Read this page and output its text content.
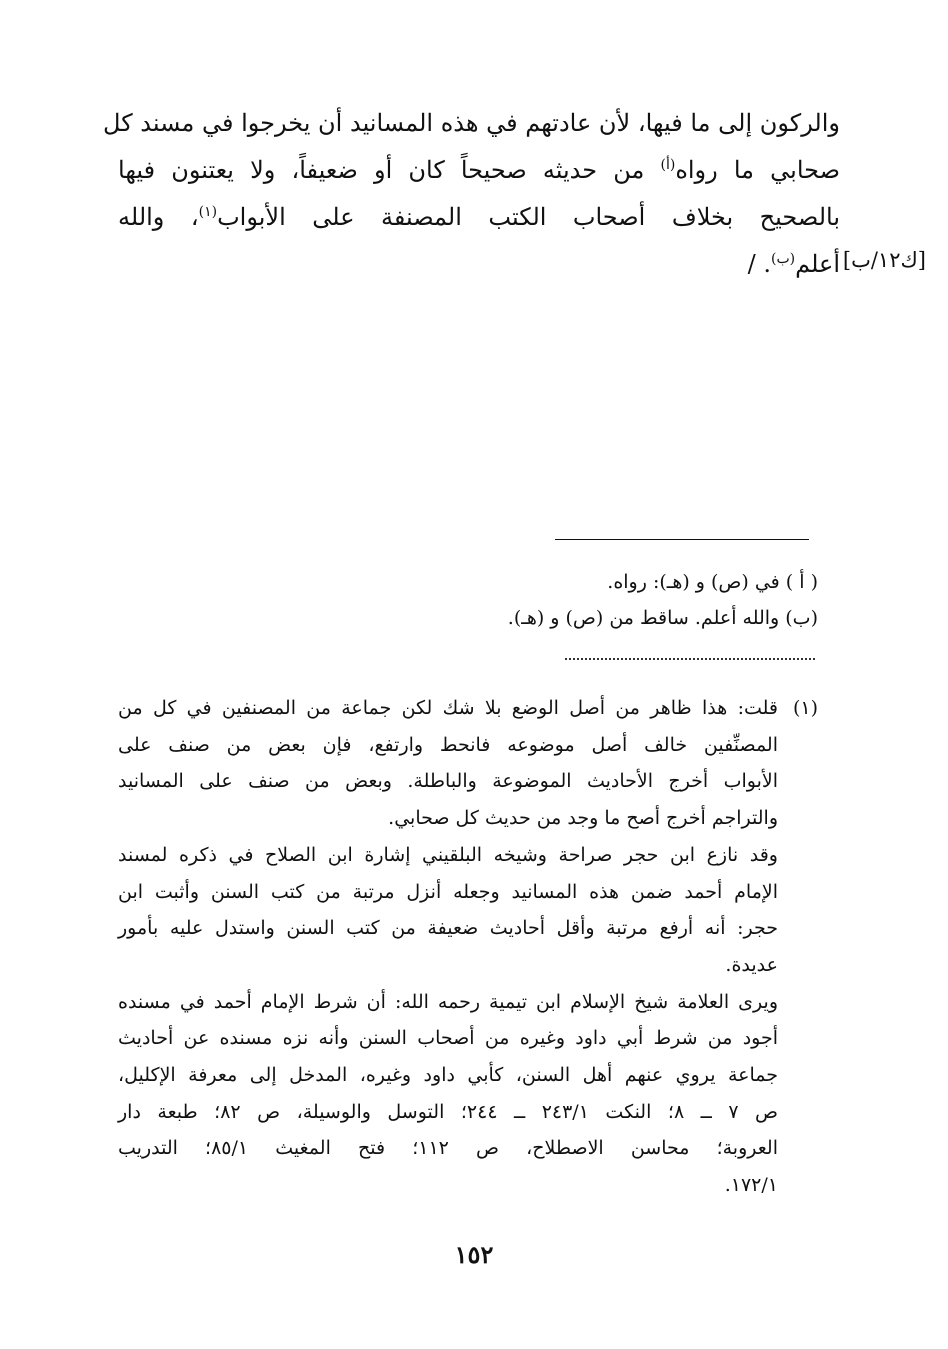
والركون إلى ما فيها، لأن عادتهم في هذه المسانيد أن يخرجوا في مسند كل
صحابي ما رواه$^{(أ)}$ من حديثه صحيحاً كان أو ضعيفاً، ولا يعتنون فيها
بالصحيح بخلاف أصحاب الكتب المصنفة على الأبواب$^{(١)}$، والله
أعلم$^{(ب)}$. /	[ك١٢/ب]
( أ ) في (ص) و (هـ): رواه.
(ب) والله أعلم. ساقط من (ص) و (هـ).
(١)
قلت: هذا ظاهر من أصل الوضع بلا شك لكن جماعة من المصنفين في كل من
المصنِّفين خالف أصل موضوعه فانحط وارتفع، فإن بعض من صنف على
الأبواب أخرج الأحاديث الموضوعة والباطلة. وبعض من صنف على المسانيد
والتراجم أخرج أصح ما وجد من حديث كل صحابي.
وقد نازع ابن حجر صراحة وشيخه البلقيني إشارة ابن الصلاح في ذكره لمسند
الإمام أحمد ضمن هذه المسانيد وجعله أنزل مرتبة من كتب السنن وأثبت ابن
حجر: أنه أرفع مرتبة وأقل أحاديث ضعيفة من كتب السنن واستدل عليه بأمور
عديدة.
ويرى العلامة شيخ الإسلام ابن تيمية رحمه الله: أن شرط الإمام أحمد في مسنده
أجود من شرط أبي داود وغيره من أصحاب السنن وأنه نزه مسنده عن أحاديث
جماعة يروي عنهم أهل السنن، كأبي داود وغيره، المدخل إلى معرفة الإكليل،
ص ٧ ــ ٨؛ النكت ٢٤٣/١ ــ ٢٤٤؛ التوسل والوسيلة، ص ٨٢؛ طبعة دار
العروبة؛ محاسن الاصطلاح، ص ١١٢؛ فتح المغيث ٨٥/١؛ التدريب
١٧٢/١.
١٥٢
